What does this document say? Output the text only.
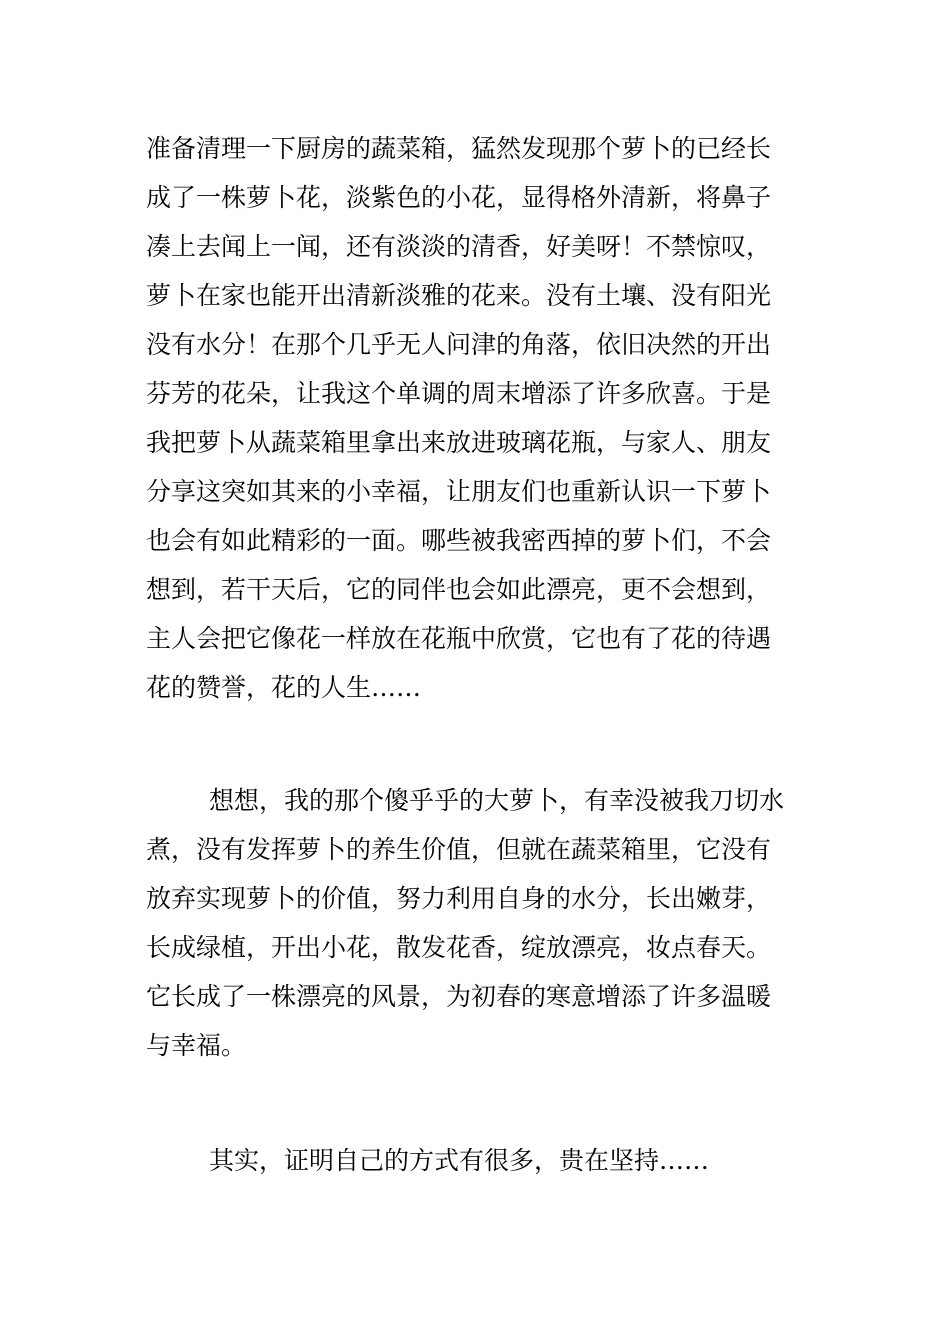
准备清理一下厨房的蔬菜箱，猛然发现那个萝卜的已经长
成了一株萝卜花，淡紫色的小花，显得格外清新，将鼻子
凑上去闻上一闻，还有淡淡的清香，好美呀！不禁惊叹，
萝卜在家也能开出清新淡雅的花来。没有土壤、没有阳光
没有水分！在那个几乎无人问津的角落，依旧决然的开出
芬芳的花朵，让我这个单调的周末增添了许多欣喜。于是
我把萝卜从蔬菜箱里拿出来放进玻璃花瓶，与家人、朋友
分享这突如其来的小幸福，让朋友们也重新认识一下萝卜
也会有如此精彩的一面。哪些被我密西掉的萝卜们，不会
想到，若干天后，它的同伴也会如此漂亮，更不会想到，
主人会把它像花一样放在花瓶中欣赏，它也有了花的待遇
花的赞誉，花的人生……
想想，我的那个傻乎乎的大萝卜，有幸没被我刀切水
煮，没有发挥萝卜的养生价值，但就在蔬菜箱里，它没有
放弃实现萝卜的价值，努力利用自身的水分，长出嫩芽，
长成绿植，开出小花，散发花香，绽放漂亮，妆点春天。
它长成了一株漂亮的风景，为初春的寒意增添了许多温暖
与幸福。
其实，证明自己的方式有很多，贵在坚持……
